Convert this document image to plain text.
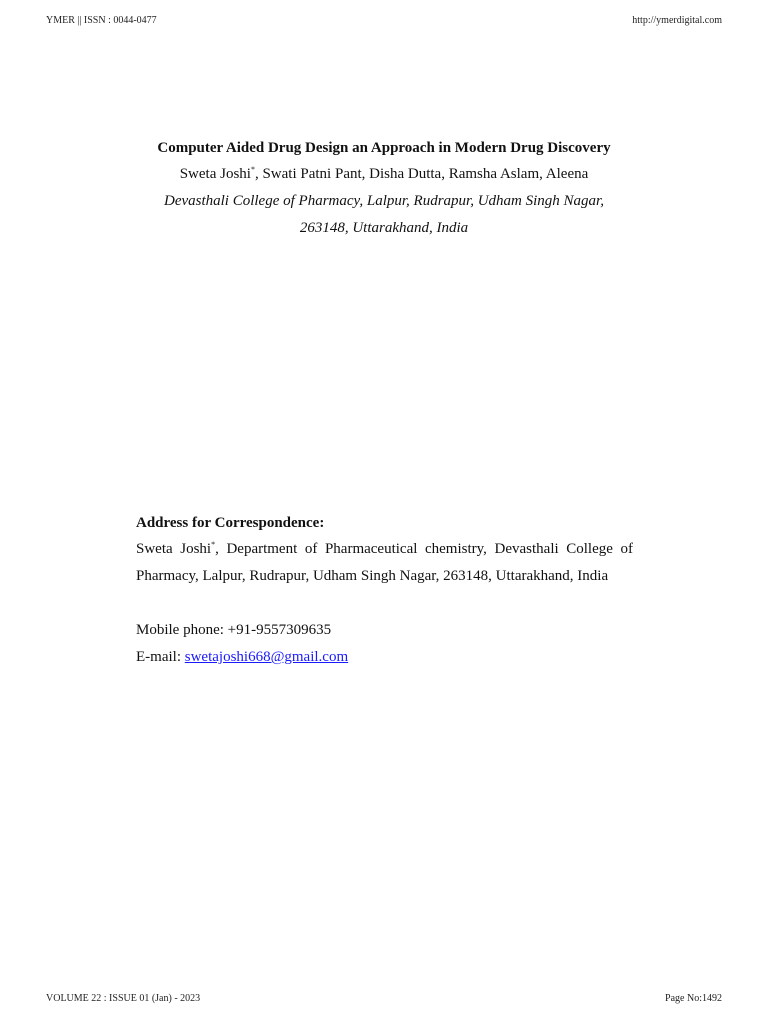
YMER || ISSN : 0044-0477	http://ymerdigital.com

Computer Aided Drug Design an Approach in Modern Drug Discovery

Sweta Joshi*, Swati Patni Pant, Disha Dutta, Ramsha Aslam, Aleena

Devasthali College of Pharmacy, Lalpur, Rudrapur, Udham Singh Nagar,

263148, Uttarakhand, India

Address for Correspondence:

Sweta Joshi*, Department of Pharmaceutical chemistry, Devasthali College of Pharmacy, Lalpur, Rudrapur, Udham Singh Nagar, 263148, Uttarakhand, India

Mobile phone: +91-9557309635

E-mail: swetajoshi668@gmail.com

VOLUME 22 : ISSUE 01 (Jan) - 2023	Page No:1492
